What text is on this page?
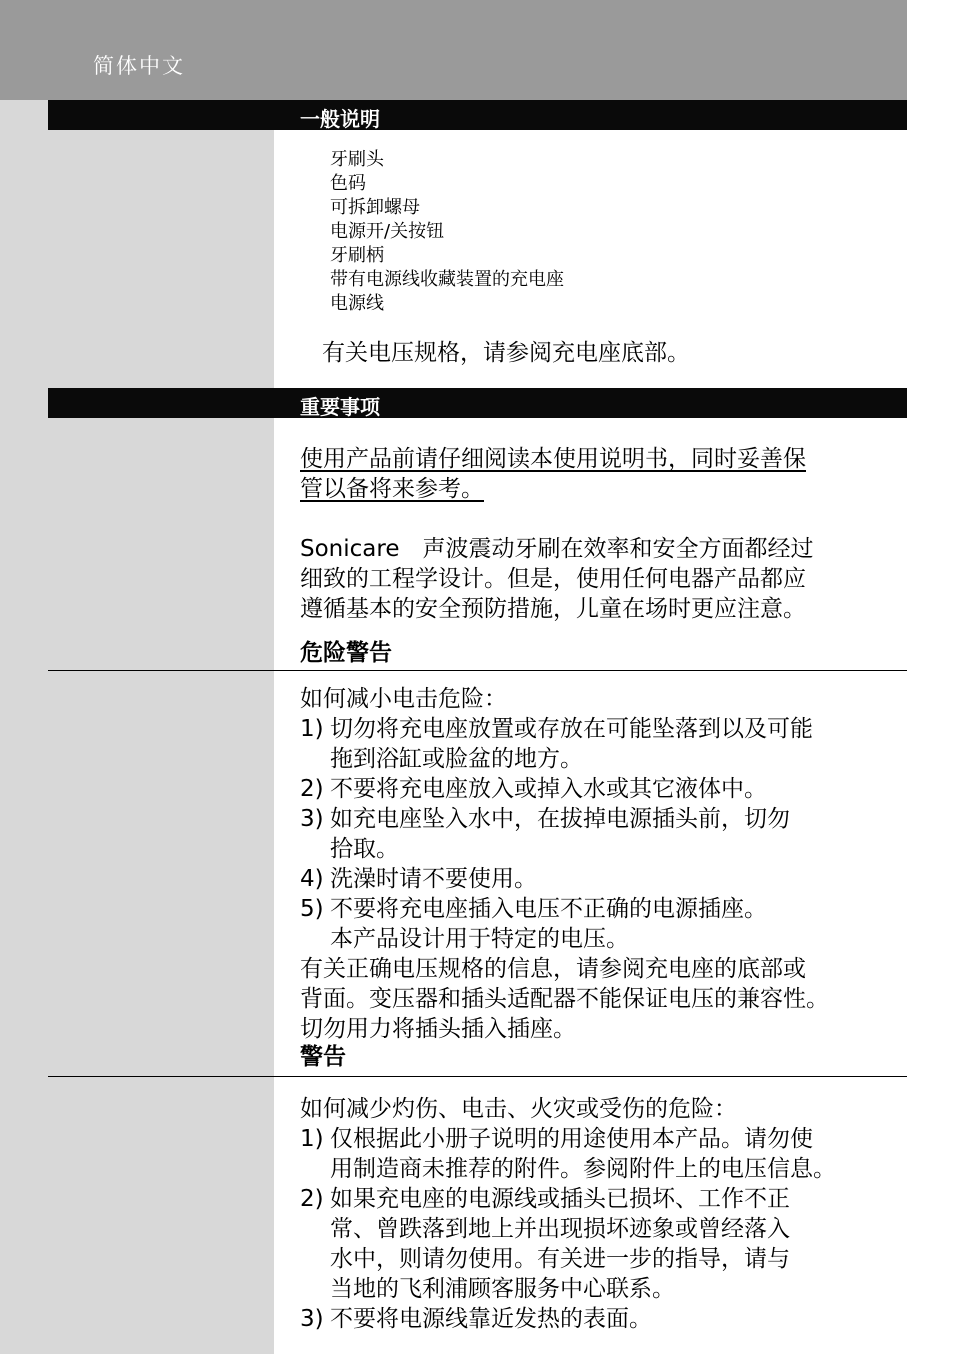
简体中文
一般说明
牙刷头
色码
可拆卸螺母
电源开/关按钮
牙刷柄
带有电源线收藏装置的充电座
电源线
有关电压规格，请参阅充电座底部。
重要事项
使用产品前请仔细阅读本使用说明书，同时妥善保
管以备将来参考。
Sonicare　声波震动牙刷在效率和安全方面都经过
细致的工程学设计。但是，使用任何电器产品都应
遵循基本的安全预防措施，儿童在场时更应注意。
危险警告
如何减小电击危险：
1) 切勿将充电座放置或存放在可能坠落到以及可能
拖到浴缸或脸盆的地方。
2) 不要将充电座放入或掉入水或其它液体中。
3) 如充电座坠入水中，在拔掉电源插头前，切勿
拾取。
4) 洗澡时请不要使用。
5) 不要将充电座插入电压不正确的电源插座。
本产品设计用于特定的电压。
有关正确电压规格的信息，请参阅充电座的底部或
背面。变压器和插头适配器不能保证电压的兼容性。
切勿用力将插头插入插座。
警告
如何减少灼伤、电击、火灾或受伤的危险：
1) 仅根据此小册子说明的用途使用本产品。请勿使
用制造商未推荐的附件。参阅附件上的电压信息。
2) 如果充电座的电源线或插头已损坏、工作不正
常、曾跌落到地上并出现损坏迹象或曾经落入
水中，则请勿使用。有关进一步的指导，请与
当地的飞利浦顾客服务中心联系。
3) 不要将电源线靠近发热的表面。
